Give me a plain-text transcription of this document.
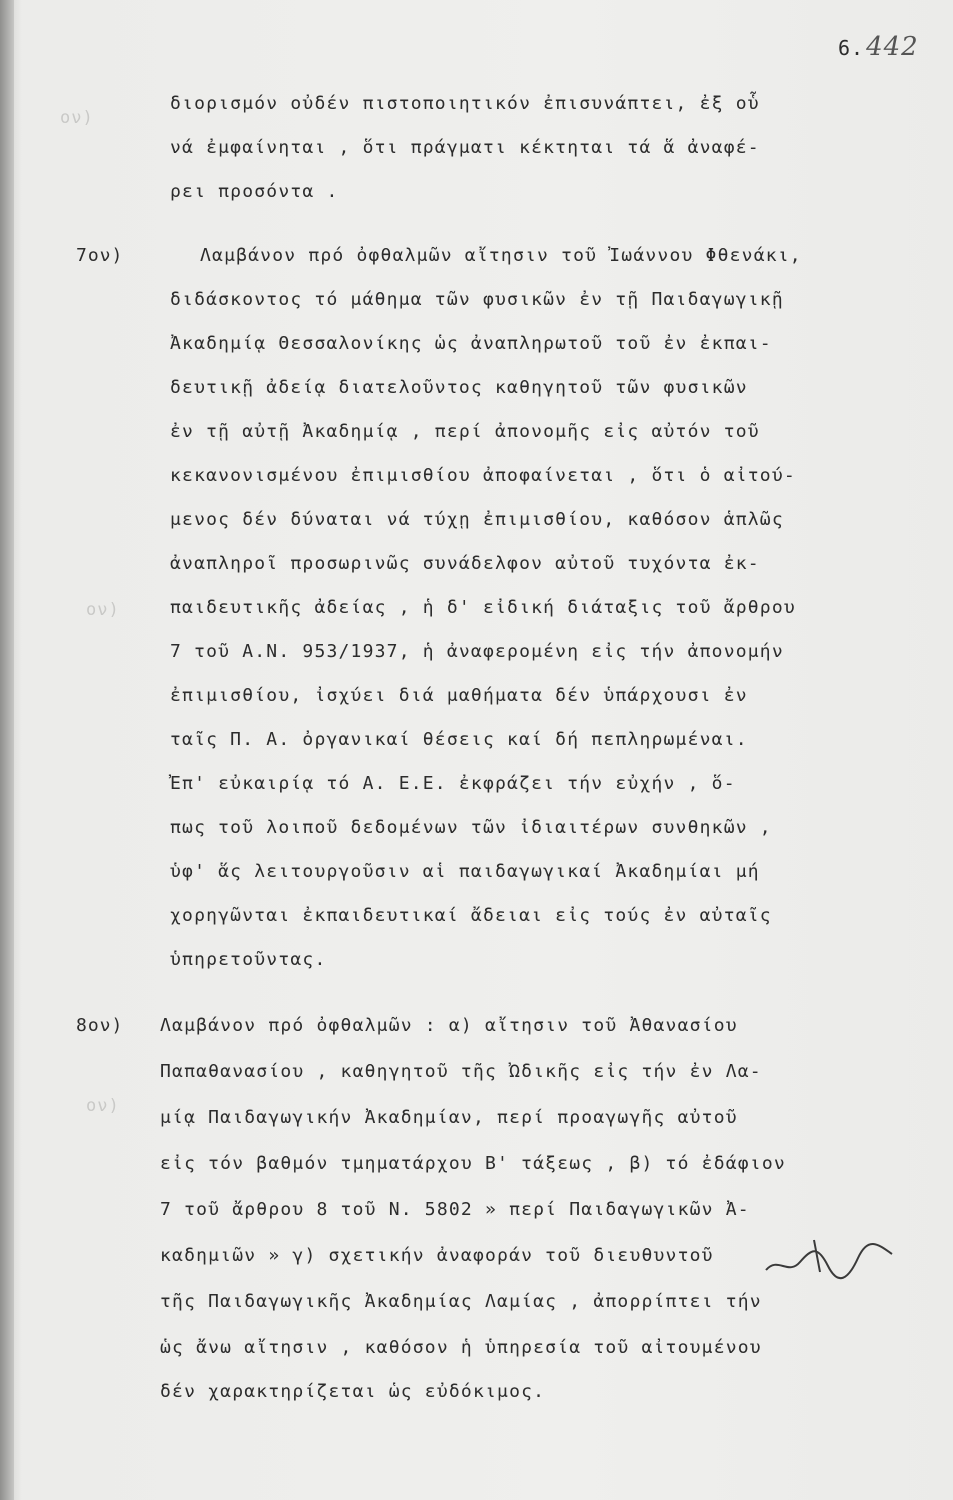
ον)
ον)
ον)
6.442
διορισμόν οὐδέν πιστοποιητικόν ἐπισυνάπτει, ἐξ οὗ
νά ἐμφαίνηται , ὅτι πράγματι κέκτηται τά ἅ ἀναφέ-
ρει προσόντα .
7ον)	Λαμβάνον πρό ὀφθαλμῶν αἴτησιν τοῦ Ἰωάννου Φθενάκι,
διδάσκοντος τό μάθημα τῶν φυσικῶν ἐν τῇ Παιδαγωγικῇ
Ἀκαδημίᾳ Θεσσαλονίκης ὡς ἀναπληρωτοῦ τοῦ ἐν ἐκπαι-
δευτικῇ ἀδείᾳ διατελοῦντος καθηγητοῦ τῶν φυσικῶν
ἐν τῇ αὐτῇ Ἀκαδημίᾳ , περί ἀπονομῆς εἰς αὐτόν τοῦ
κεκανονισμένου ἐπιμισθίου ἀποφαίνεται , ὅτι ὁ αἰτού-
μενος δέν δύναται νά τύχῃ ἐπιμισθίου, καθόσον ἁπλῶς
ἀναπληροῖ προσωρινῶς συνάδελφον αὐτοῦ τυχόντα ἐκ-
παιδευτικῆς ἀδείας , ἡ δ' εἰδική διάταξις τοῦ ἄρθρου
7 τοῦ Α.Ν. 953/1937, ἡ ἀναφερομένη εἰς τήν ἀπονομήν
ἐπιμισθίου, ἰσχύει διά μαθήματα δέν ὑπάρχουσι ἐν
ταῖς Π. Α. ὀργανικαί θέσεις καί δή πεπληρωμέναι.
Ἐπ' εὐκαιρίᾳ τό Α. Ε.Ε. ἐκφράζει τήν εὐχήν , ὅ-
πως τοῦ λοιποῦ δεδομένων τῶν ἰδιαιτέρων συνθηκῶν ,
ὑφ' ἅς λειτουργοῦσιν αἱ παιδαγωγικαί Ἀκαδημίαι μή
χορηγῶνται ἐκπαιδευτικαί ἄδειαι εἰς τούς ἐν αὐταῖς
ὑπηρετοῦντας.
8ον) Λαμβάνον πρό ὀφθαλμῶν : α) αἴτησιν τοῦ Ἀθανασίου
Παπαθανασίου , καθηγητοῦ τῆς Ὠδικῆς εἰς τήν ἐν Λα-
μίᾳ Παιδαγωγικήν Ἀκαδημίαν, περί προαγωγῆς αὐτοῦ
εἰς τόν βαθμόν τμηματάρχου Β' τάξεως , β) τό ἐδάφιον
7 τοῦ ἄρθρου 8 τοῦ Ν. 5802 » περί Παιδαγωγικῶν Ἀ-
καδημιῶν » γ) σχετικήν ἀναφοράν τοῦ διευθυντοῦ
τῆς Παιδαγωγικῆς Ἀκαδημίας Λαμίας , ἀπορρίπτει τήν
ὡς ἄνω αἴτησιν , καθόσον ἡ ὑπηρεσία τοῦ αἰτουμένου
δέν χαρακτηρίζεται ὡς εὐδόκιμος.
